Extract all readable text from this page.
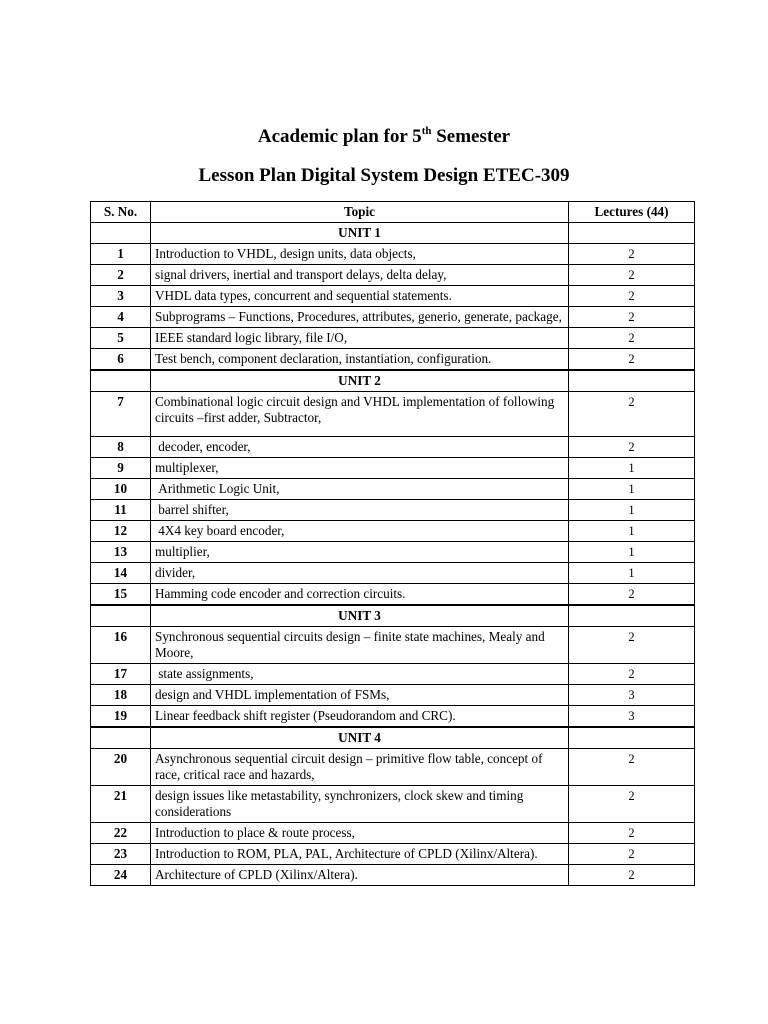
Academic plan for 5th Semester
Lesson Plan Digital System Design ETEC-309
S. No.	Topic	Lectures (44)
	UNIT 1	
1	Introduction to VHDL, design units, data objects,	2
2	signal drivers, inertial and transport delays, delta delay,	2
3	VHDL data types, concurrent and sequential statements.	2
4	Subprograms – Functions, Procedures, attributes, generio, generate, package,	2
5	IEEE standard logic library, file I/O,	2
6	Test bench, component declaration, instantiation, configuration.	2
	UNIT 2	
7	Combinational logic circuit design and VHDL implementation of following circuits –first adder, Subtractor,	2
8	decoder, encoder,	2
9	multiplexer,	1
10	Arithmetic Logic Unit,	1
11	barrel shifter,	1
12	4X4 key board encoder,	1
13	multiplier,	1
14	divider,	1
15	Hamming code encoder and correction circuits.	2
	UNIT 3	
16	Synchronous sequential circuits design – finite state machines, Mealy and Moore,	2
17	state assignments,	2
18	design and VHDL implementation of FSMs,	3
19	Linear feedback shift register (Pseudorandom and CRC).	3
	UNIT 4	
20	Asynchronous sequential circuit design – primitive flow table, concept of race, critical race and hazards,	2
21	design issues like metastability, synchronizers, clock skew and timing considerations	2
22	Introduction to place & route process,	2
23	Introduction to ROM, PLA, PAL, Architecture of CPLD (Xilinx/Altera).	2
24	Architecture of CPLD (Xilinx/Altera).	2
